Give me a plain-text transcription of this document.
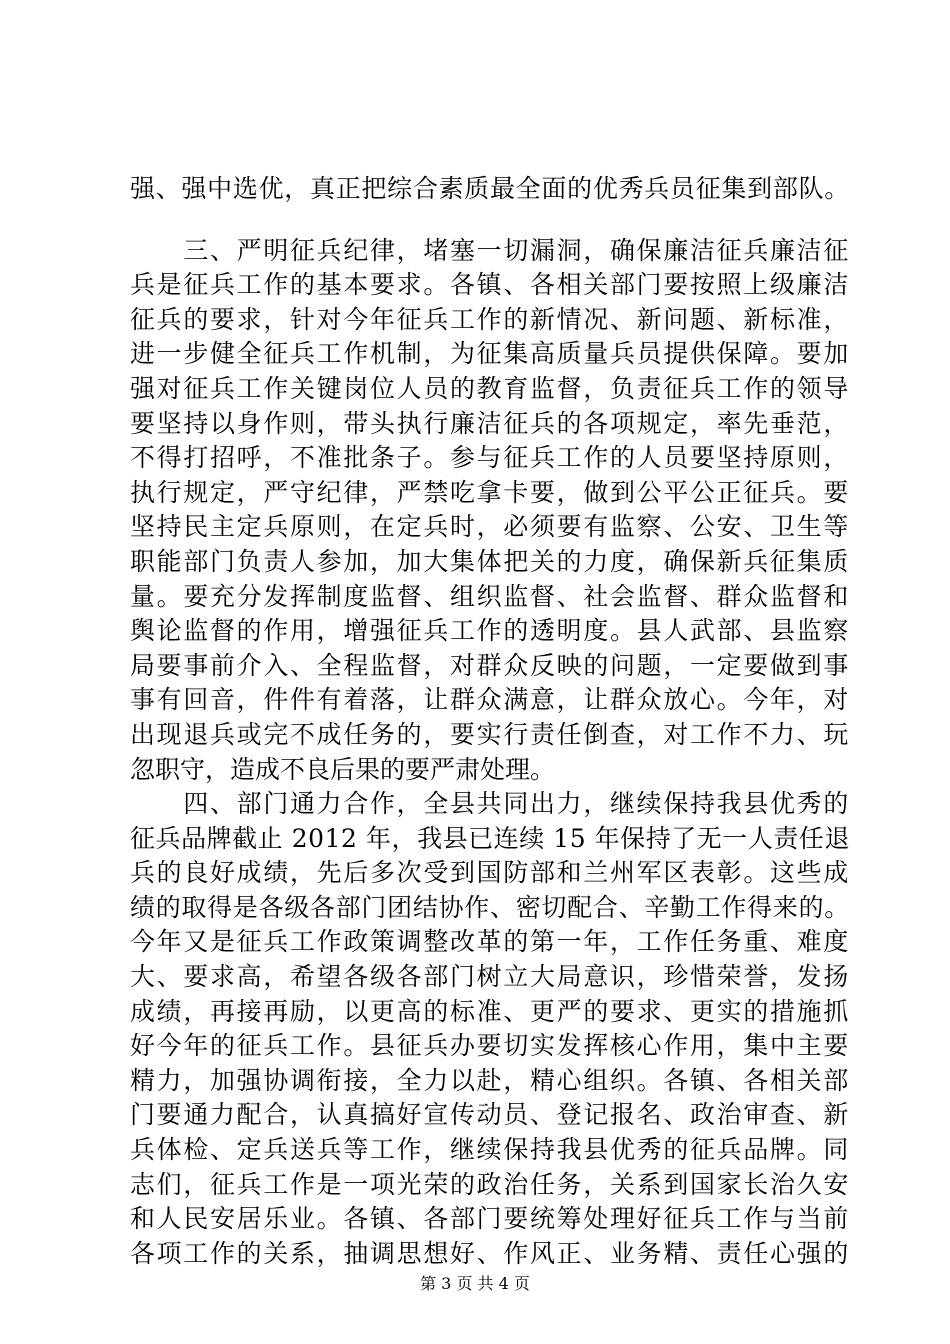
强、强中选优，真正把综合素质最全面的优秀兵员征集到部队。
　　三、严明征兵纪律，堵塞一切漏洞，确保廉洁征兵廉洁征
兵是征兵工作的基本要求。各镇、各相关部门要按照上级廉洁
征兵的要求，针对今年征兵工作的新情况、新问题、新标准，
进一步健全征兵工作机制，为征集高质量兵员提供保障。要加
强对征兵工作关键岗位人员的教育监督，负责征兵工作的领导
要坚持以身作则，带头执行廉洁征兵的各项规定，率先垂范，
不得打招呼，不准批条子。参与征兵工作的人员要坚持原则，
执行规定，严守纪律，严禁吃拿卡要，做到公平公正征兵。要
坚持民主定兵原则，在定兵时，必须要有监察、公安、卫生等
职能部门负责人参加，加大集体把关的力度，确保新兵征集质
量。要充分发挥制度监督、组织监督、社会监督、群众监督和
舆论监督的作用，增强征兵工作的透明度。县人武部、县监察
局要事前介入、全程监督，对群众反映的问题，一定要做到事
事有回音，件件有着落，让群众满意，让群众放心。今年，对
出现退兵或完不成任务的，要实行责任倒查，对工作不力、玩
忽职守，造成不良后果的要严肃处理。
　　四、部门通力合作，全县共同出力，继续保持我县优秀的
征兵品牌截止 2012 年，我县已连续 15 年保持了无一人责任退
兵的良好成绩，先后多次受到国防部和兰州军区表彰。这些成
绩的取得是各级各部门团结协作、密切配合、辛勤工作得来的。
今年又是征兵工作政策调整改革的第一年，工作任务重、难度
大、要求高，希望各级各部门树立大局意识，珍惜荣誉，发扬
成绩，再接再励，以更高的标准、更严的要求、更实的措施抓
好今年的征兵工作。县征兵办要切实发挥核心作用，集中主要
精力，加强协调衔接，全力以赴，精心组织。各镇、各相关部
门要通力配合，认真搞好宣传动员、登记报名、政治审查、新
兵体检、定兵送兵等工作，继续保持我县优秀的征兵品牌。同
志们，征兵工作是一项光荣的政治任务，关系到国家长治久安
和人民安居乐业。各镇、各部门要统筹处理好征兵工作与当前
各项工作的关系，抽调思想好、作风正、业务精、责任心强的
第 3 页 共 4 页
